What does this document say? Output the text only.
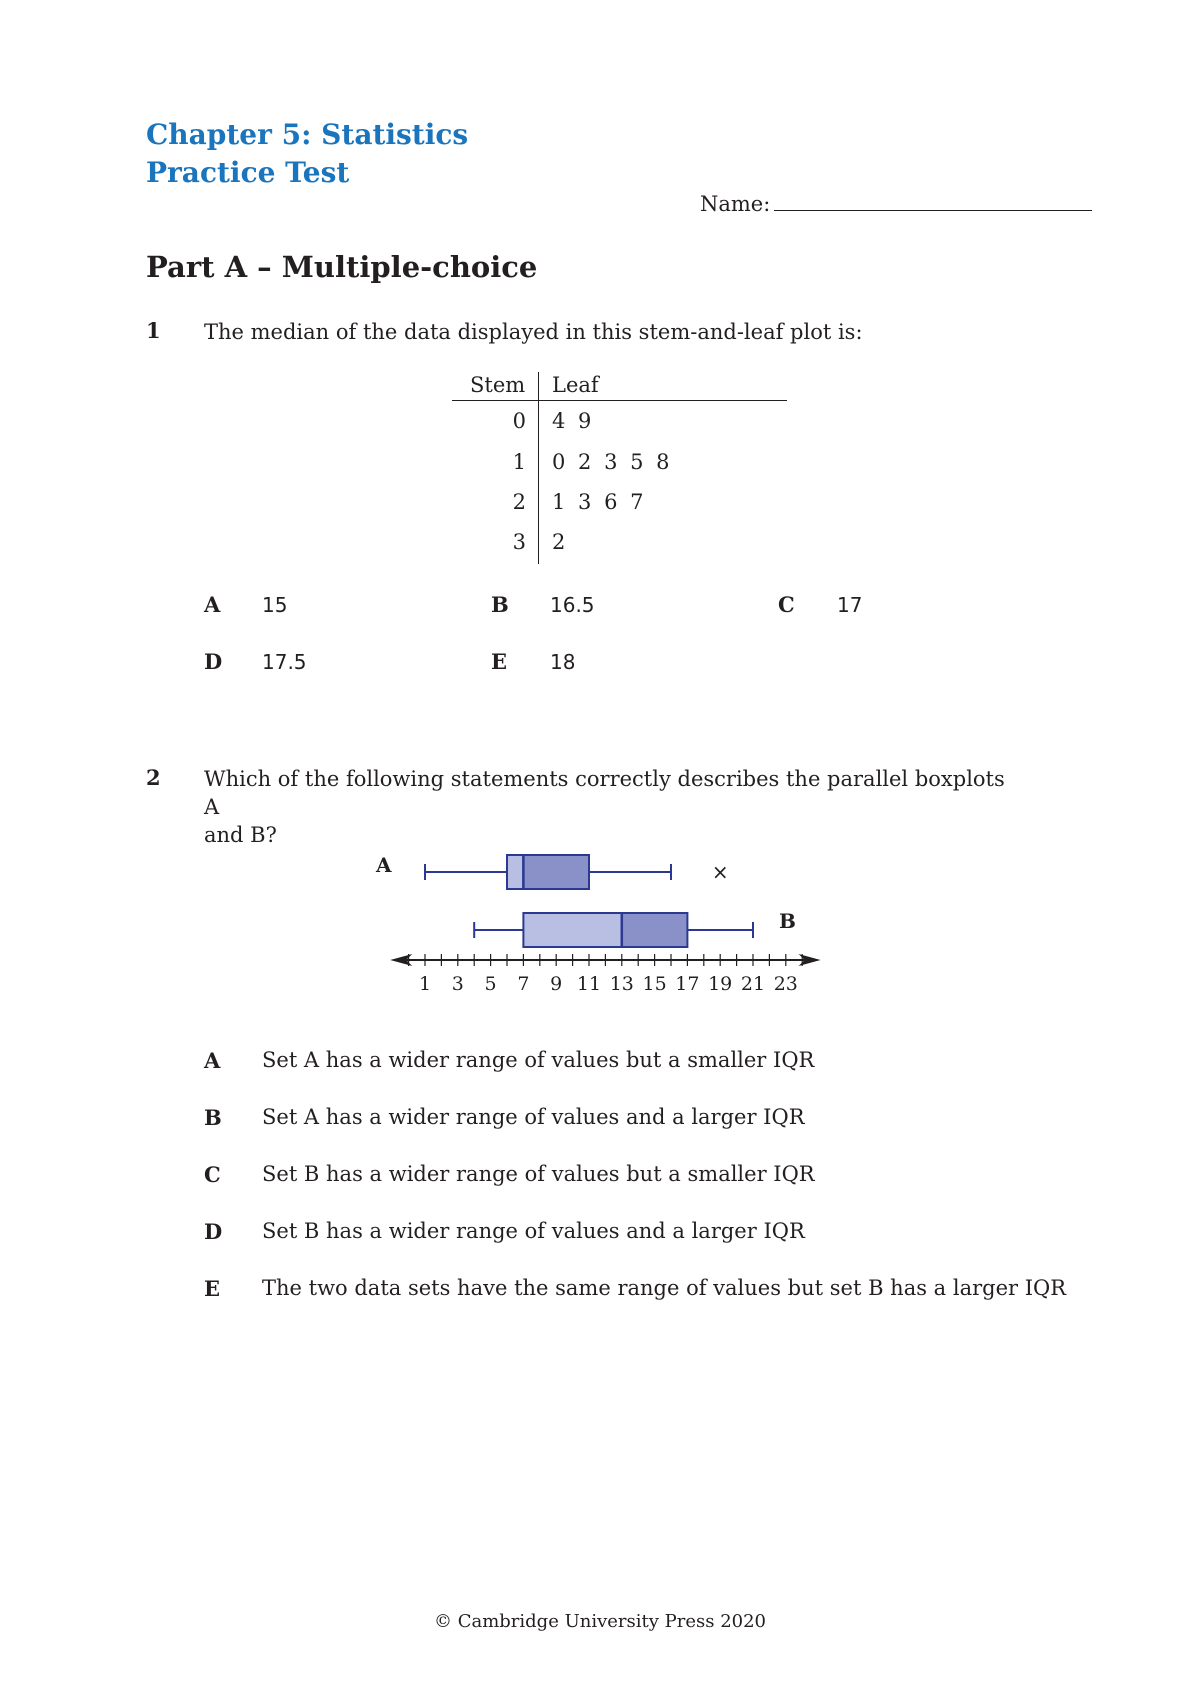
Chapter 5: Statistics
Practice Test
Name:
Part A – Multiple-choice
1 The median of the data displayed in this stem-and-leaf plot is:
Stem Leaf
0 4 9
1 0 2 3 5 8
2 1 3 6 7
3 2
A 15	B 16.5	C 17
D 17.5	E 18
2 Which of the following statements correctly describes the parallel boxplots A
and B?
1 3 5 7 9 11 13 15 17 19 21 23
×
A
B
A Set A has a wider range of values but a smaller IQR
B Set A has a wider range of values and a larger IQR
C Set B has a wider range of values but a smaller IQR
D Set B has a wider range of values and a larger IQR
E The two data sets have the same range of values but set B has a larger IQR
© Cambridge University Press 2020
